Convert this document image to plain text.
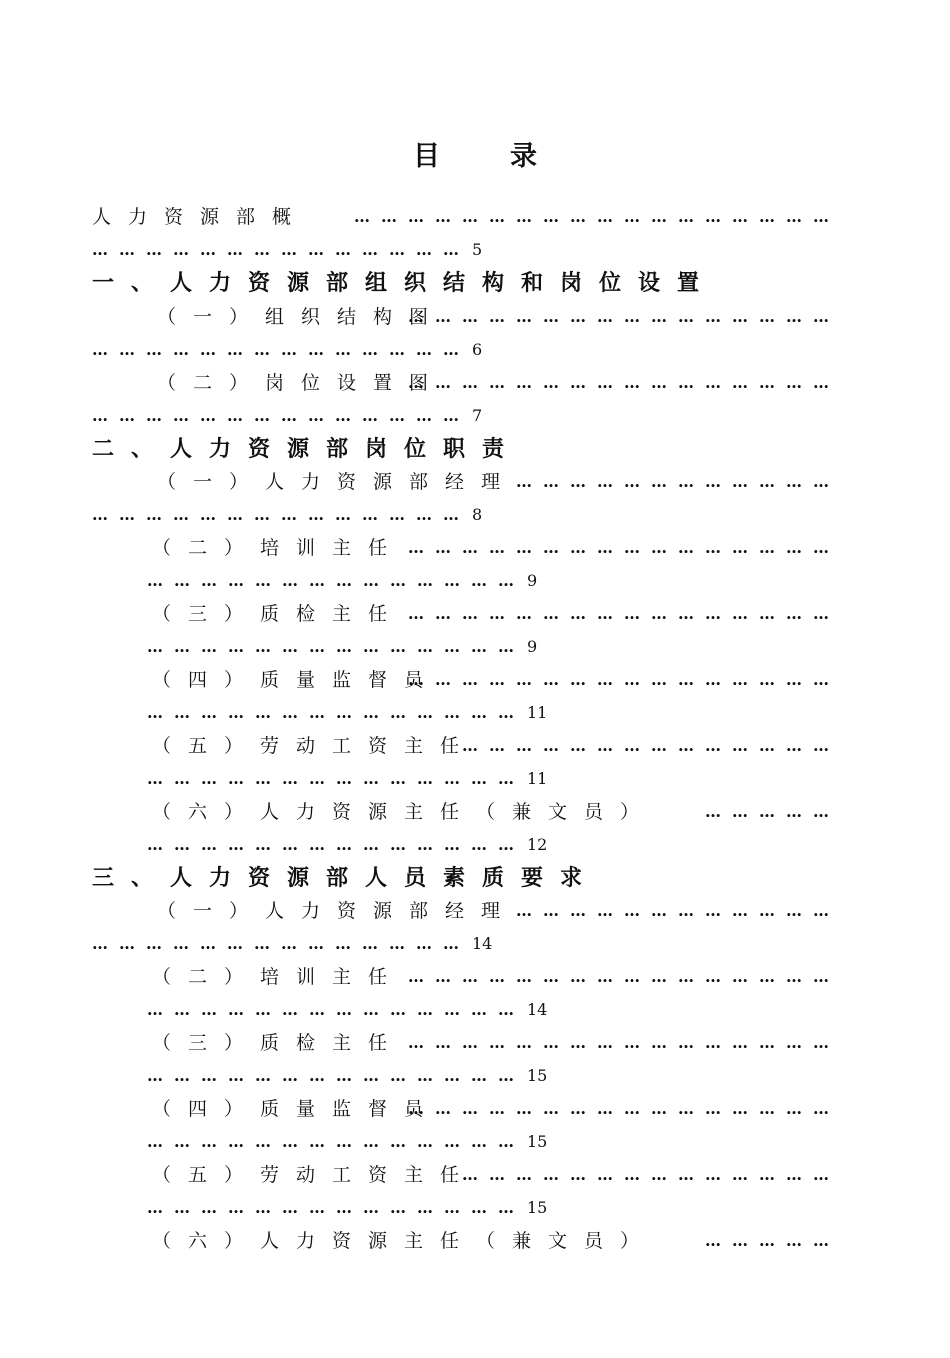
目	录
人力资源部概	………………………………………………
…………………………………… 5
一、人力资源部组织结构和岗位设置
（一）组织结构图
…………………………………………
…………………………………… 6
（二）岗位设置图
…………………………………………
…………………………………… 7
二、人力资源部岗位职责
（一）人力资源部经理
………………………………
…………………………………… 8
（二）培训主任 …………………………………………
…………………………………… 9
（三）质检主任 …………………………………………
…………………………………… 9
（四）质量监督员
…………………………………………
…………………………………… 11
（五）劳动工资主任
……………………………………
…………………………………… 11
（六）人力资源主任（兼文员）	……………
…………………………………… 12
三、人力资源部人员素质要求
（一）人力资源部经理
………………………………
…………………………………… 14
（二）培训主任 …………………………………………
…………………………………… 14
（三）质检主任 …………………………………………
…………………………………… 15
（四）质量监督员
…………………………………………
…………………………………… 15
（五）劳动工资主任
……………………………………
…………………………………… 15
（六）人力资源主任（兼文员）	……………
